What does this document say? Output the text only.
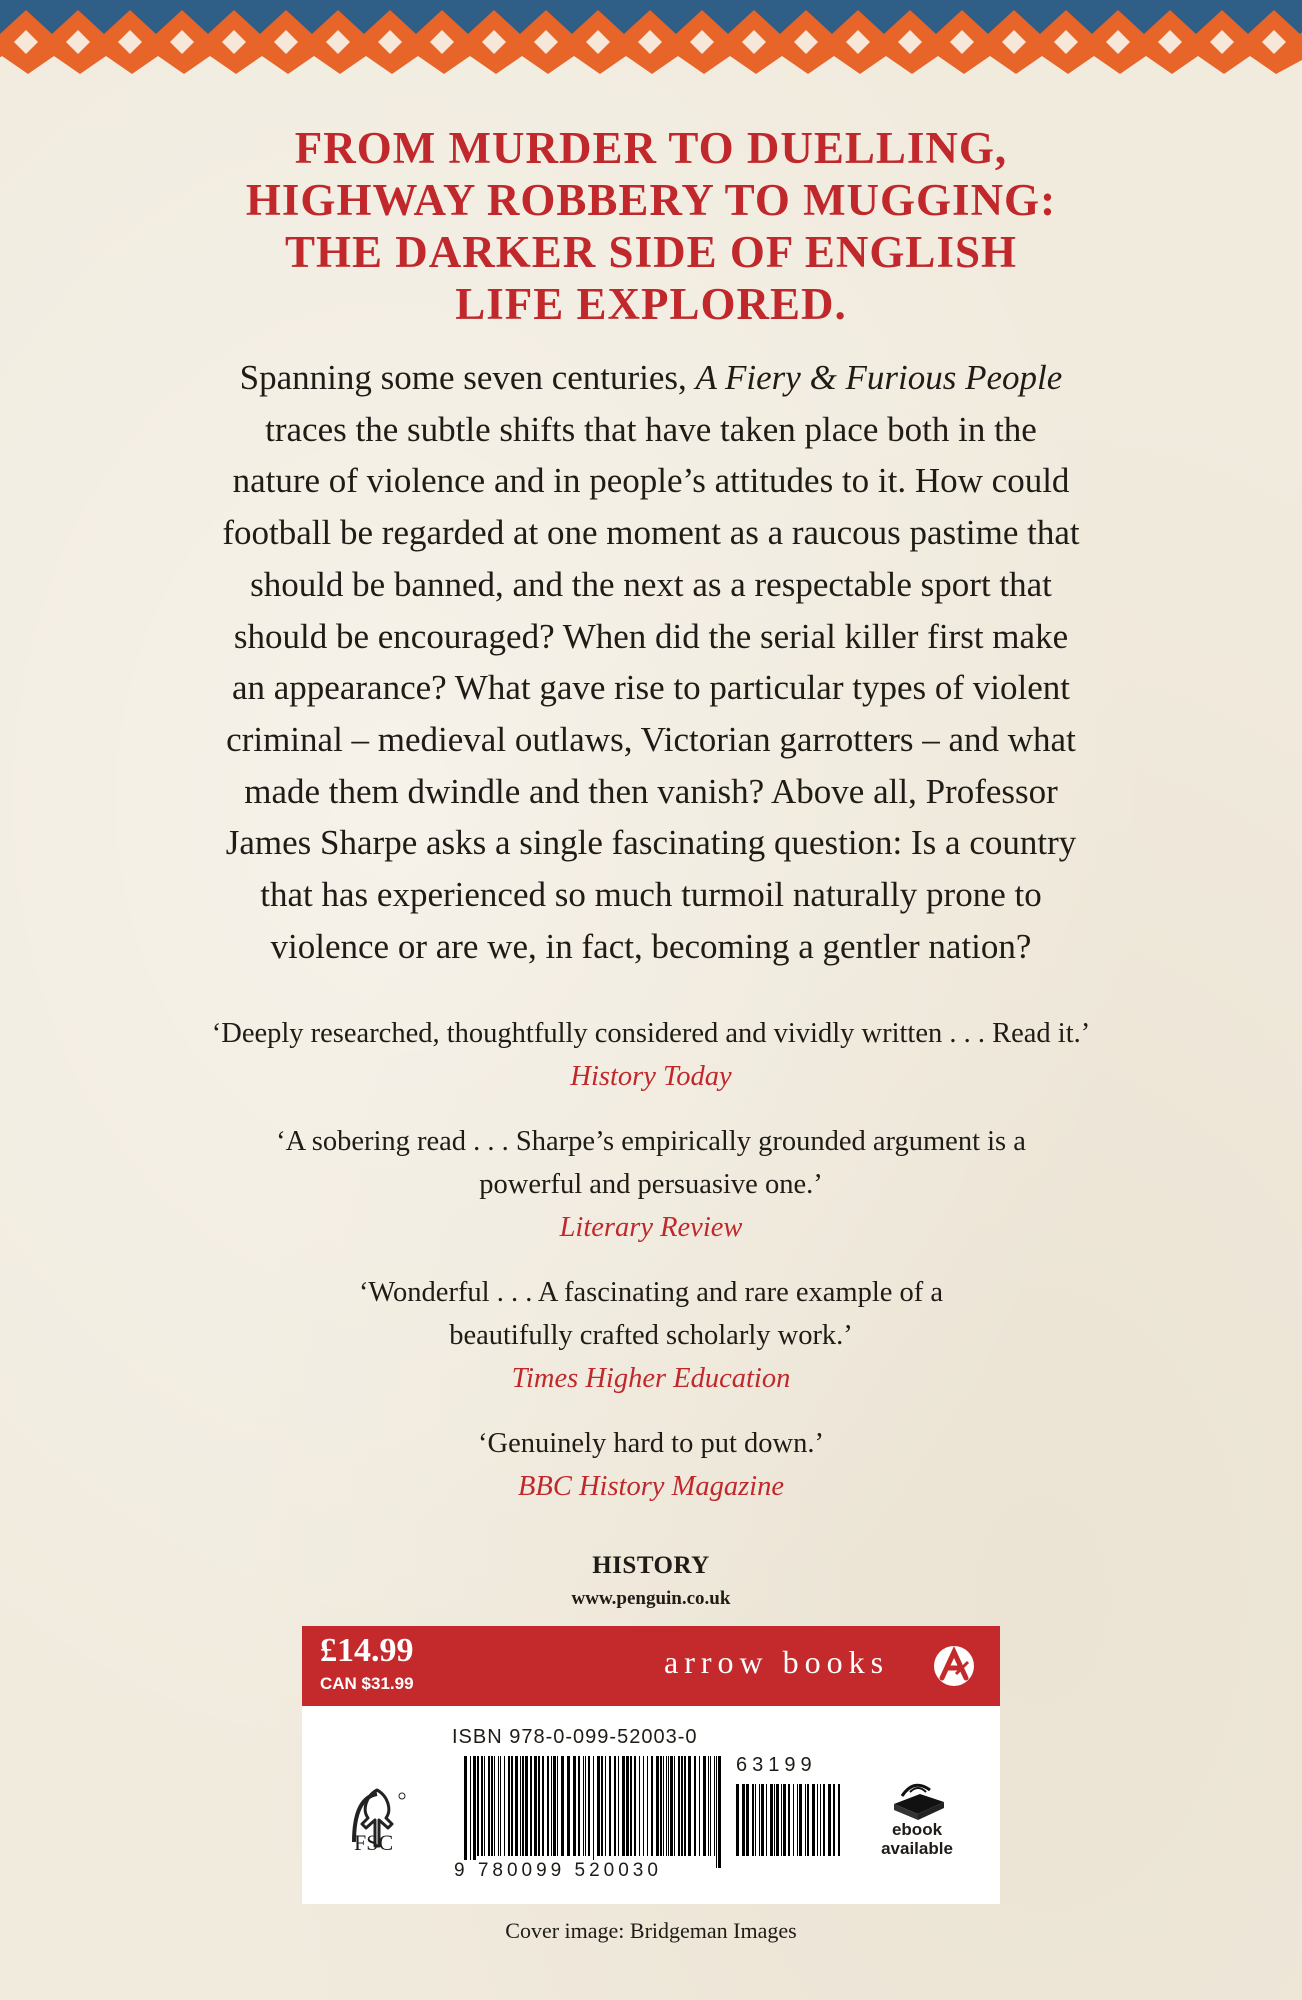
FROM MURDER TO DUELLING,
HIGHWAY ROBBERY TO MUGGING:
THE DARKER SIDE OF ENGLISH
LIFE EXPLORED.
Spanning some seven centuries, A Fiery & Furious People
traces the subtle shifts that have taken place both in the
nature of violence and in people’s attitudes to it. How could
football be regarded at one moment as a raucous pastime that
should be banned, and the next as a respectable sport that
should be encouraged? When did the serial killer first make
an appearance? What gave rise to particular types of violent
criminal – medieval outlaws, Victorian garrotters – and what
made them dwindle and then vanish? Above all, Professor
James Sharpe asks a single fascinating question: Is a country
that has experienced so much turmoil naturally prone to
violence or are we, in fact, becoming a gentler nation?
‘Deeply researched, thoughtfully considered and vividly written . . . Read it.’
History Today
‘A sobering read . . . Sharpe’s empirically grounded argument is a
powerful and persuasive one.’
Literary Review
‘Wonderful . . . A fascinating and rare example of a
beautifully crafted scholarly work.’
Times Higher Education
‘Genuinely hard to put down.’
BBC History Magazine
HISTORY
www.penguin.co.uk
£14.99
CAN $31.99
arrow books
ISBN 978-0-099-52003-0
FSC
9 780099 520030
63199
ebook
available
Cover image: Bridgeman Images
